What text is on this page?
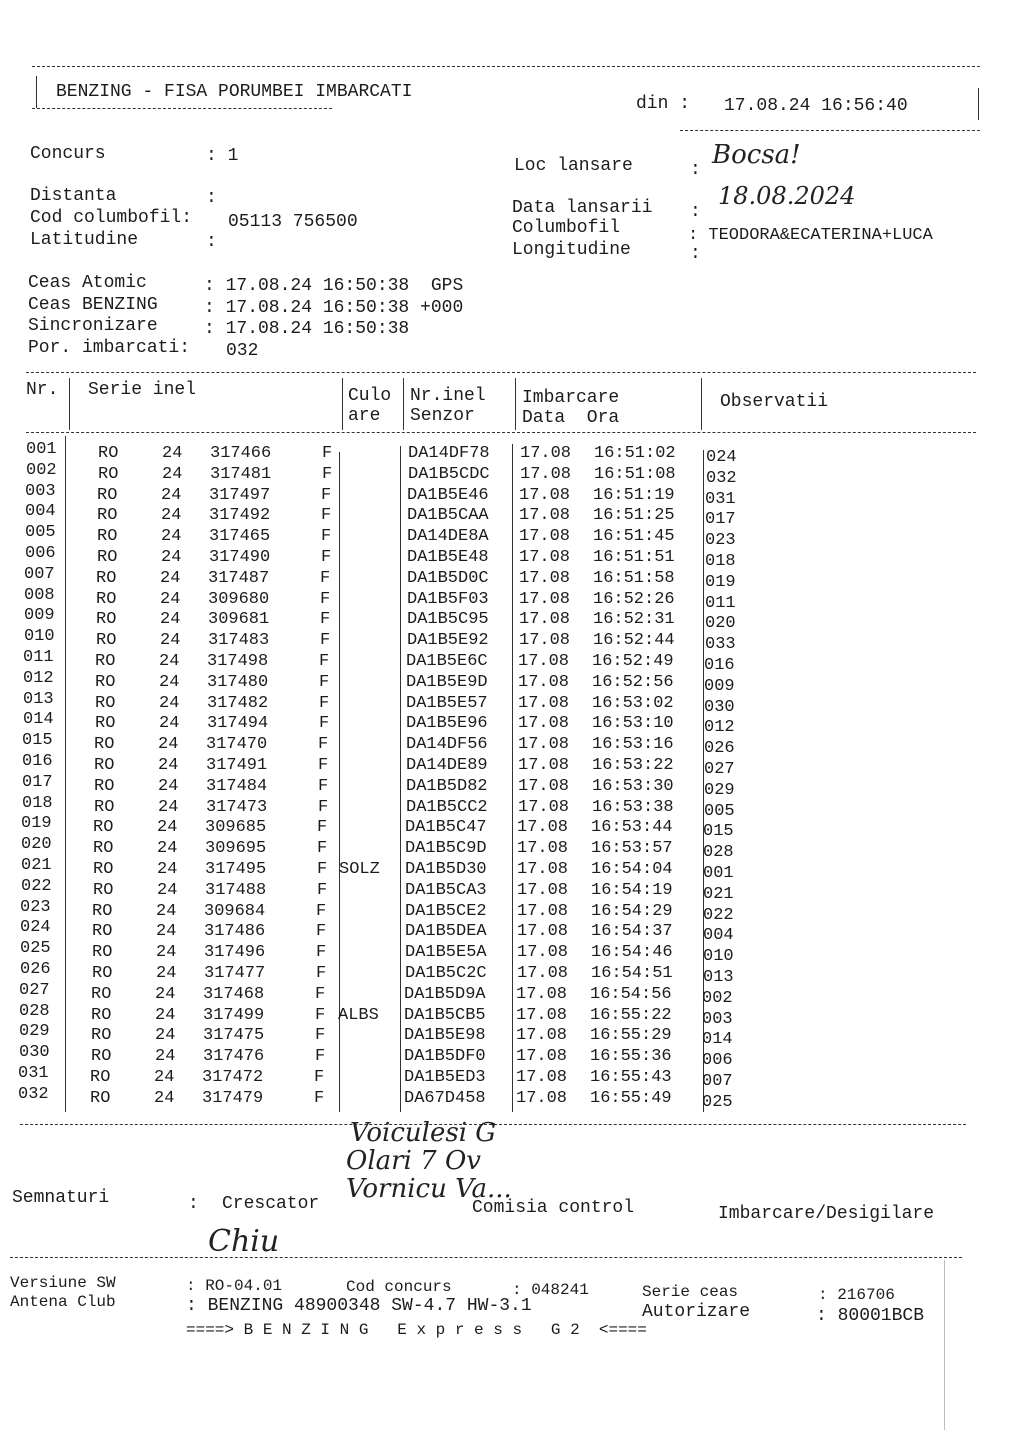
BENZING - FISA PORUMBEI IMBARCATI
din : 17.08.24 16:56:40
Concurs	: 1
Distanta	:
Cod columbofil: 05113 756500
Latitudine	:
Loc lansare	: Bocsa!
Data lansarii :
18.08.2024
Columbofil	: TEODORA&ECATERINA+LUCA
Longitudine	:
Ceas Atomic	: 17.08.24 16:50:38  GPS
Ceas BENZING	: 17.08.24 16:50:38 +000
Sincronizare	: 17.08.24 16:50:38
Por. imbarcati: 032
Nr. Serie inel	Culo
are
Nr.inel
Senzor
Imbarcare
Data  Ora
Observatii
001 RO	24 317466	F	DA14DF78 17.08 16:51:02 024
002 RO	24 317481	F	DA1B5CDC 17.08 16:51:08 032
003 RO	24 317497	F	DA1B5E46 17.08 16:51:19 031
004 RO	24 317492	F	DA1B5CAA 17.08 16:51:25 017
005 RO	24 317465	F	DA14DE8A 17.08 16:51:45 023
006 RO	24 317490	F	DA1B5E48 17.08 16:51:51 018
007 RO	24 317487	F	DA1B5D0C 17.08 16:51:58 019
008 RO	24 309680	F	DA1B5F03 17.08 16:52:26 011
009 RO	24 309681	F	DA1B5C95 17.08 16:52:31 020
010 RO	24 317483	F	DA1B5E92 17.08 16:52:44 033
011 RO	24 317498	F	DA1B5E6C 17.08 16:52:49 016
012 RO	24 317480	F	DA1B5E9D 17.08 16:52:56 009
013 RO	24 317482	F	DA1B5E57 17.08 16:53:02 030
014 RO	24 317494	F	DA1B5E96 17.08 16:53:10 012
015 RO	24 317470	F	DA14DF56 17.08 16:53:16 026
016 RO	24 317491	F	DA14DE89 17.08 16:53:22 027
017 RO	24 317484	F	DA1B5D82 17.08 16:53:30 029
018 RO	24 317473	F	DA1B5CC2 17.08 16:53:38 005
019 RO	24 309685	F	DA1B5C47 17.08 16:53:44 015
020 RO	24 309695	F	DA1B5C9D 17.08 16:53:57 028
021 RO	24 317495	F SOLZ DA1B5D30 17.08 16:54:04 001
022 RO	24 317488	F	DA1B5CA3 17.08 16:54:19 021
023 RO	24 309684	F	DA1B5CE2 17.08 16:54:29 022
024 RO	24 317486	F	DA1B5DEA 17.08 16:54:37 004
025 RO	24 317496	F	DA1B5E5A 17.08 16:54:46 010
026 RO	24 317477	F	DA1B5C2C 17.08 16:54:51 013
027 RO	24 317468	F	DA1B5D9A 17.08 16:54:56 002
028 RO	24 317499	F ALBS DA1B5CB5 17.08 16:55:22 003
029 RO	24 317475	F	DA1B5E98 17.08 16:55:29 014
030 RO	24 317476	F	DA1B5DF0 17.08 16:55:36 006
031 RO	24 317472	F	DA1B5ED3 17.08 16:55:43 007
032 RO	24 317479	F	DA67D458 17.08 16:55:49 025
Voiculesi G
Olari 7 Ov
Vornicu Va...
Semnaturi	: Crescator	Comisia control	Imbarcare/Desigilare
Chiu
Versiune SW	: RO-04.01	Cod concurs	: 048241	Serie ceas	: 216706
Antena Club	: BENZING 48900348 SW-4.7 HW-3.1	Autorizare	: 80001BCB
====> B E N Z I N G   E x p r e s s   G 2  <====
